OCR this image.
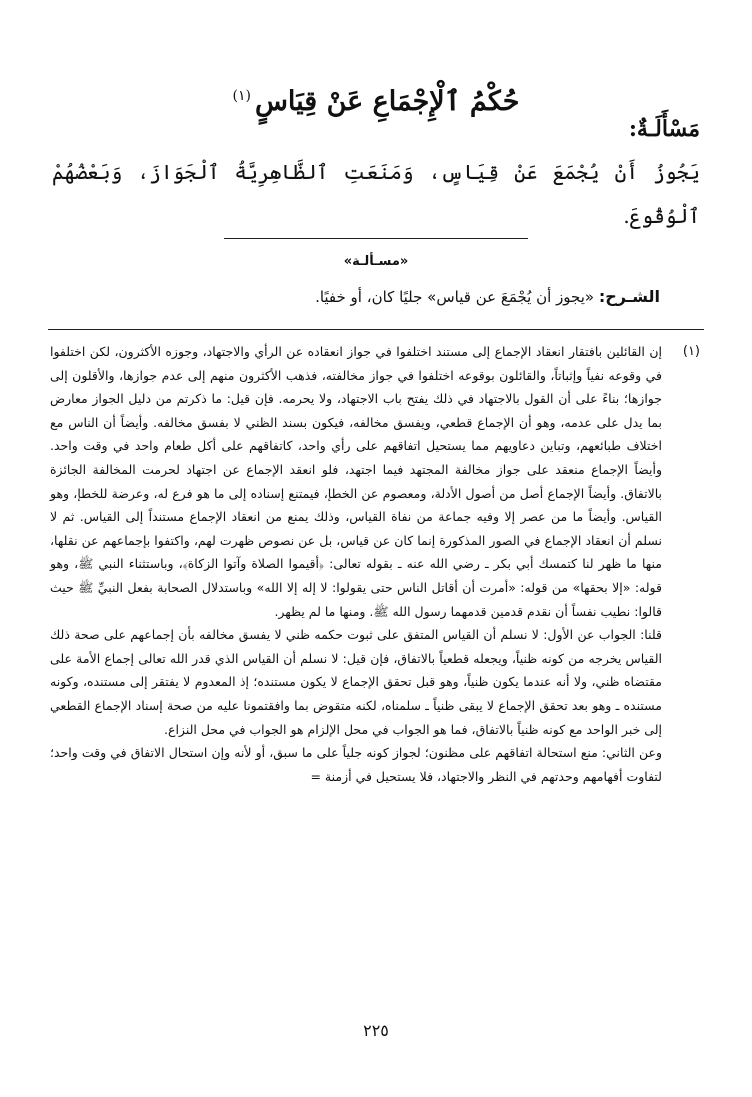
حُكْمُ ٱلْإِجْمَاعِ عَنْ قِيَاسٍ$^{(١)}$
مَسْأَلَـةٌ:
يَجُوزُ أَنْ يُجْمَعَ عَنْ قِيَاسٍ، وَمَنَعَتِ ٱلظَّاهِرِيَّةُ ٱلْجَوَازَ، وَبَعْضُهُمْ ٱلْوُقُوعَ.
«مسـألـة»
الشـرح: «يجوز أن يُجْمَعَ عن قياس» جليًا كان، أو خفيًا.
(١)

إن القائلين بافتقار انعقاد الإجماع إلى مستند اختلفوا في جواز انعقاده عن الرأي والاجتهاد، وجوزه الأكثرون، لكن اختلفوا في وقوعه نفياً وإثباتاً، والقائلون بوقوعه اختلفوا في جواز مخالفته، فذهب الأكثرون منهم إلى عدم جوازها، والأقلون إلى جوازها؛ بناءً على أن القول بالاجتهاد في ذلك يفتح باب الاجتهاد، ولا يحرمه. فإن قيل: ما ذكرتم من دليل الجواز معارض بما يدل على عدمه، وهو أن الإجماع قطعي، ويفسق مخالفه، فيكون بسند الظني لا بفسق مخالفه. وأيضاً أن الناس مع اختلاف طبائعهم، وتباين دعاويهم مما يستحيل اتفاقهم على رأي واحد، كاتفاقهم على أكل طعام واحد في وقت واحد. وأيضاً الإجماع منعقد على جواز مخالفة المجتهد فيما اجتهد، فلو انعقد الإجماع عن اجتهاد لحرمت المخالفة الجائزة بالاتفاق. وأيضاً الإجماع أصل من أصول الأدلة، ومعصوم عن الخطإ، فيمتنع إسناده إلى ما هو فرع له، وعرضة للخطإ، وهو القياس. وأيضاً ما من عصر إلا وفيه جماعة من نفاة القياس، وذلك يمنع من انعقاد الإجماع مستنداً إلى القياس. ثم لا نسلم أن انعقاد الإجماع في الصور المذكورة إنما كان عن قياس، بل عن نصوص ظهرت لهم، واكتفوا بإجماعهم عن نقلها، منها ما ظهر لنا كتمسك أبي بكر ـ رضي الله عنه ـ بقوله تعالى: ﴿أقيموا الصلاة وآتوا الزكاة﴾، وباستثناء النبي ﷺ، وهو قوله: «إلا بحقها» من قوله: «أمرت أن أقاتل الناس حتى يقولوا: لا إله إلا الله» وباستدلال الصحابة بفعل النبيِّ ﷺ حيث قالوا: نطيب نفساً أن نقدم قدمين قدمهما رسول الله ﷺ. ومنها ما لم يظهر.

قلنا: الجواب عن الأول: لا نسلم أن القياس المتفق على ثبوت حكمه ظني لا يفسق مخالفه بأن إجماعهم على صحة ذلك القياس يخرجه من كونه ظنياً، ويجعله قطعياً بالاتفاق، فإن قيل: لا نسلم أن القياس الذي قدر الله تعالى إجماع الأمة على مقتضاه ظني، ولا أنه عندما يكون ظنياً، وهو قبل تحقق الإجماع لا يكون مستنده؛ إذ المعدوم لا يفتقر إلى مستنده، وكونه مستنده ـ وهو بعد تحقق الإجماع لا يبقى ظنياً ـ سلمناه، لكنه متقوض بما وافقتمونا عليه من صحة إسناد الإجماع القطعي إلى خبر الواحد مع كونه ظنياً بالاتفاق، فما هو الجواب في محل الإلزام هو الجواب في محل النزاع.

وعن الثاني: منع استحالة اتفاقهم على مظنون؛ لجواز كونه جلياً على ما سبق، أو لأنه وإن استحال الاتفاق في وقت واحد؛ لتفاوت أفهامهم وحدتهم في النظر والاجتهاد، فلا يستحيل في أزمنة =

٢٢٥
